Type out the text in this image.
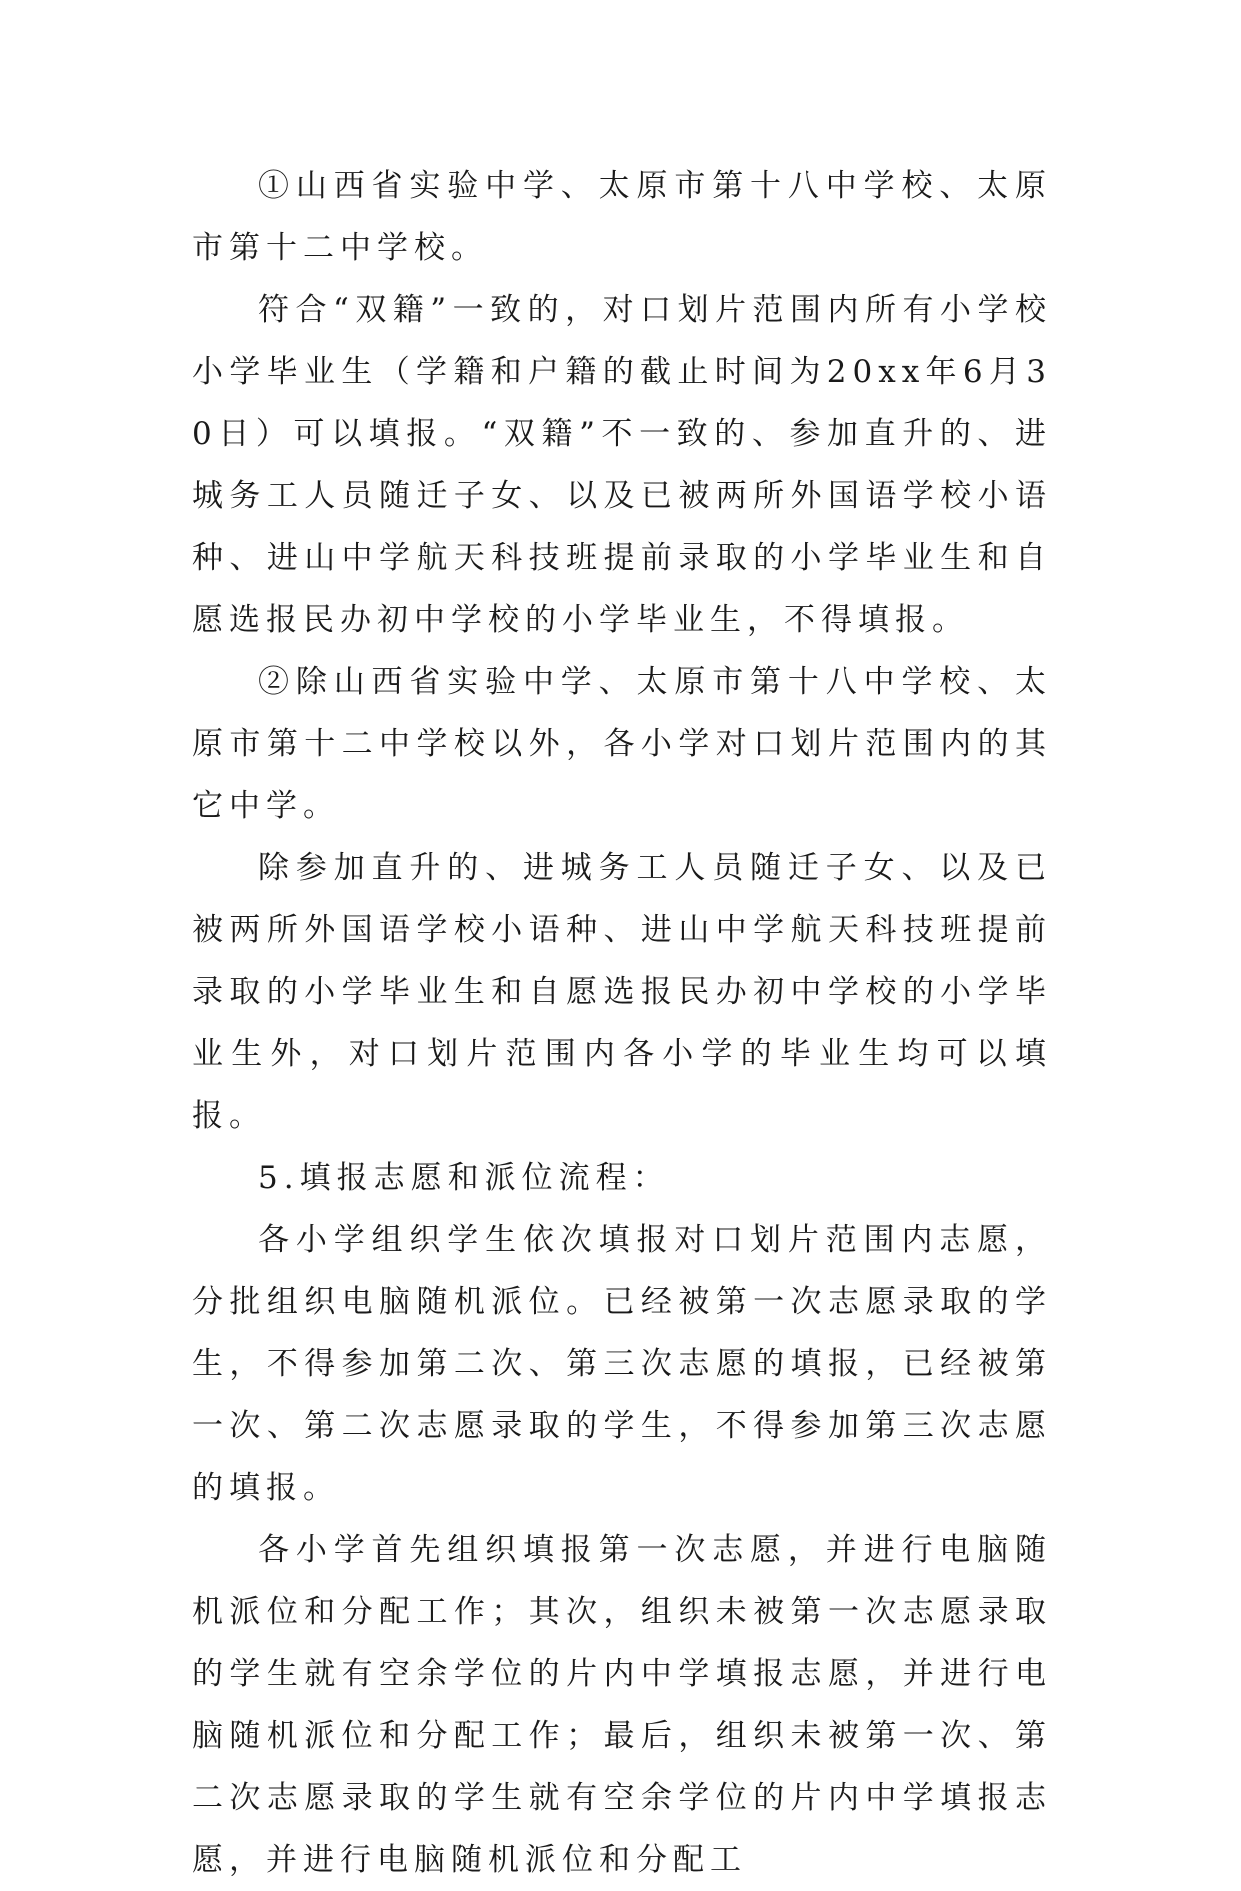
①山西省实验中学、太原市第十八中学校、太原市第十二中学校。

符合“双籍”一致的，对口划片范围内所有小学校小学毕业生（学籍和户籍的截止时间为20xx年6月30日）可以填报。“双籍”不一致的、参加直升的、进城务工人员随迁子女、以及已被两所外国语学校小语种、进山中学航天科技班提前录取的小学毕业生和自愿选报民办初中学校的小学毕业生，不得填报。

②除山西省实验中学、太原市第十八中学校、太原市第十二中学校以外，各小学对口划片范围内的其它中学。

除参加直升的、进城务工人员随迁子女、以及已被两所外国语学校小语种、进山中学航天科技班提前录取的小学毕业生和自愿选报民办初中学校的小学毕业生外，对口划片范围内各小学的毕业生均可以填报。

5.填报志愿和派位流程：

各小学组织学生依次填报对口划片范围内志愿，分批组织电脑随机派位。已经被第一次志愿录取的学生，不得参加第二次、第三次志愿的填报，已经被第一次、第二次志愿录取的学生，不得参加第三次志愿的填报。

各小学首先组织填报第一次志愿，并进行电脑随机派位和分配工作；其次，组织未被第一次志愿录取的学生就有空余学位的片内中学填报志愿，并进行电脑随机派位和分配工作；最后，组织未被第一次、第二次志愿录取的学生就有空余学位的片内中学填报志愿，并进行电脑随机派位和分配工
